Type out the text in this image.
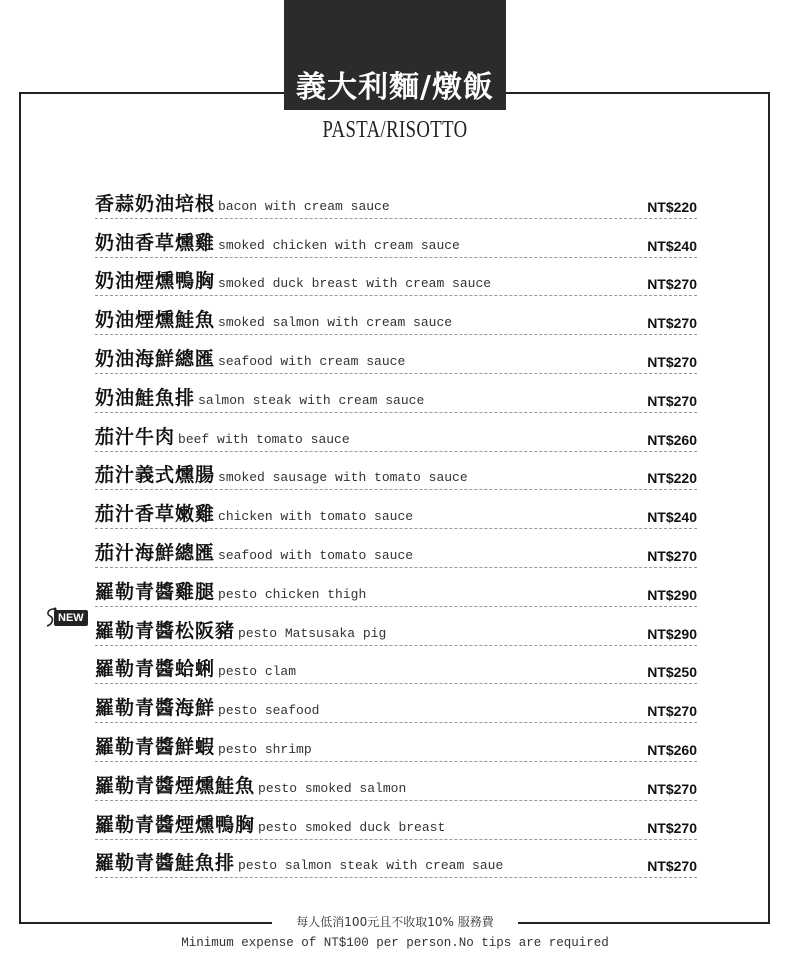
義大利麵/燉飯
PASTA/RISOTTO
香蒜奶油培根 bacon with cream sauce	NT$220
奶油香草燻雞 smoked chicken with cream sauce	NT$240
奶油煙燻鴨胸 smoked duck breast with cream sauce	NT$270
奶油煙燻鮭魚 smoked salmon with cream sauce	NT$270
奶油海鮮總匯 seafood with cream sauce	NT$270
奶油鮭魚排 salmon steak with cream sauce	NT$270
茄汁牛肉 beef with tomato sauce	NT$260
茄汁義式燻腸 smoked sausage with tomato sauce	NT$220
茄汁香草嫩雞 chicken with tomato sauce	NT$240
茄汁海鮮總匯 seafood with tomato sauce	NT$270
羅勒青醬雞腿 pesto chicken thigh	NT$290
羅勒青醬松阪豬 pesto Matsusaka pig	NT$290
羅勒青醬蛤蜊 pesto clam	NT$250
羅勒青醬海鮮 pesto seafood	NT$270
羅勒青醬鮮蝦 pesto shrimp	NT$260
羅勒青醬煙燻鮭魚 pesto smoked salmon	NT$270
羅勒青醬煙燻鴨胸 pesto smoked duck breast	NT$270
羅勒青醬鮭魚排 pesto salmon steak with cream saue	NT$270
NEW
每人低消100元且不收取10% 服務費
Minimum expense of NT$100 per person.No tips are required
